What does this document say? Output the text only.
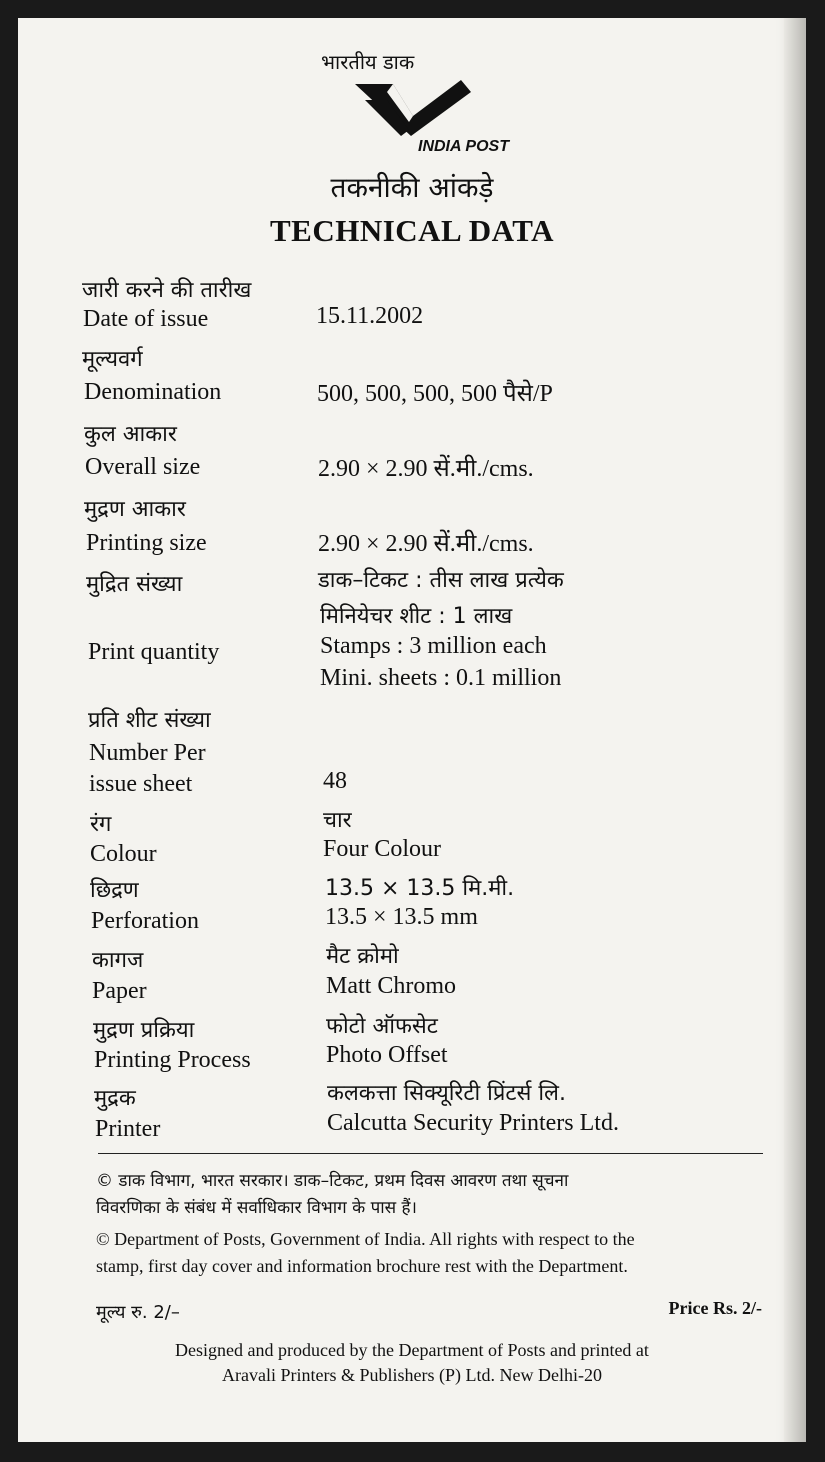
भारतीय डाक
INDIA POST
तकनीकी आंकड़े
TECHNICAL DATA
जारी करने की तारीख
Date of issue	15.11.2002
मूल्यवर्ग
Denomination	500, 500, 500, 500 पैसे/P
कुल आकार
Overall size	2.90 × 2.90 सें.मी./cms.
मुद्रण आकार
Printing size	2.90 × 2.90 सें.मी./cms.
मुद्रित संख्या	डाक–टिकट : तीस लाख प्रत्येक
मिनियेचर शीट : 1 लाख
Print quantity	Stamps : 3 million each
Mini. sheets : 0.1 million
प्रति शीट संख्या
Number Per
issue sheet	48
रंग	चार
Colour	Four Colour
छिद्रण	13.5 × 13.5 मि.मी.
Perforation	13.5 × 13.5 mm
कागज	मैट क्रोमो
Paper	Matt Chromo
मुद्रण प्रक्रिया	फोटो ऑफसेट
Printing Process	Photo Offset
मुद्रक	कलकत्ता सिक्यूरिटी प्रिंटर्स लि.
Printer	Calcutta Security Printers Ltd.
© डाक विभाग, भारत सरकार। डाक–टिकट, प्रथम दिवस आवरण तथा सूचना
विवरणिका के संबंध में सर्वाधिकार विभाग के पास हैं।
© Department of Posts, Government of India. All rights with respect to the
stamp, first day cover and information brochure rest with the Department.
मूल्य रु. 2/–	Price Rs. 2/-
Designed and produced by the Department of Posts and printed at
Aravali Printers & Publishers (P) Ltd. New Delhi-20
